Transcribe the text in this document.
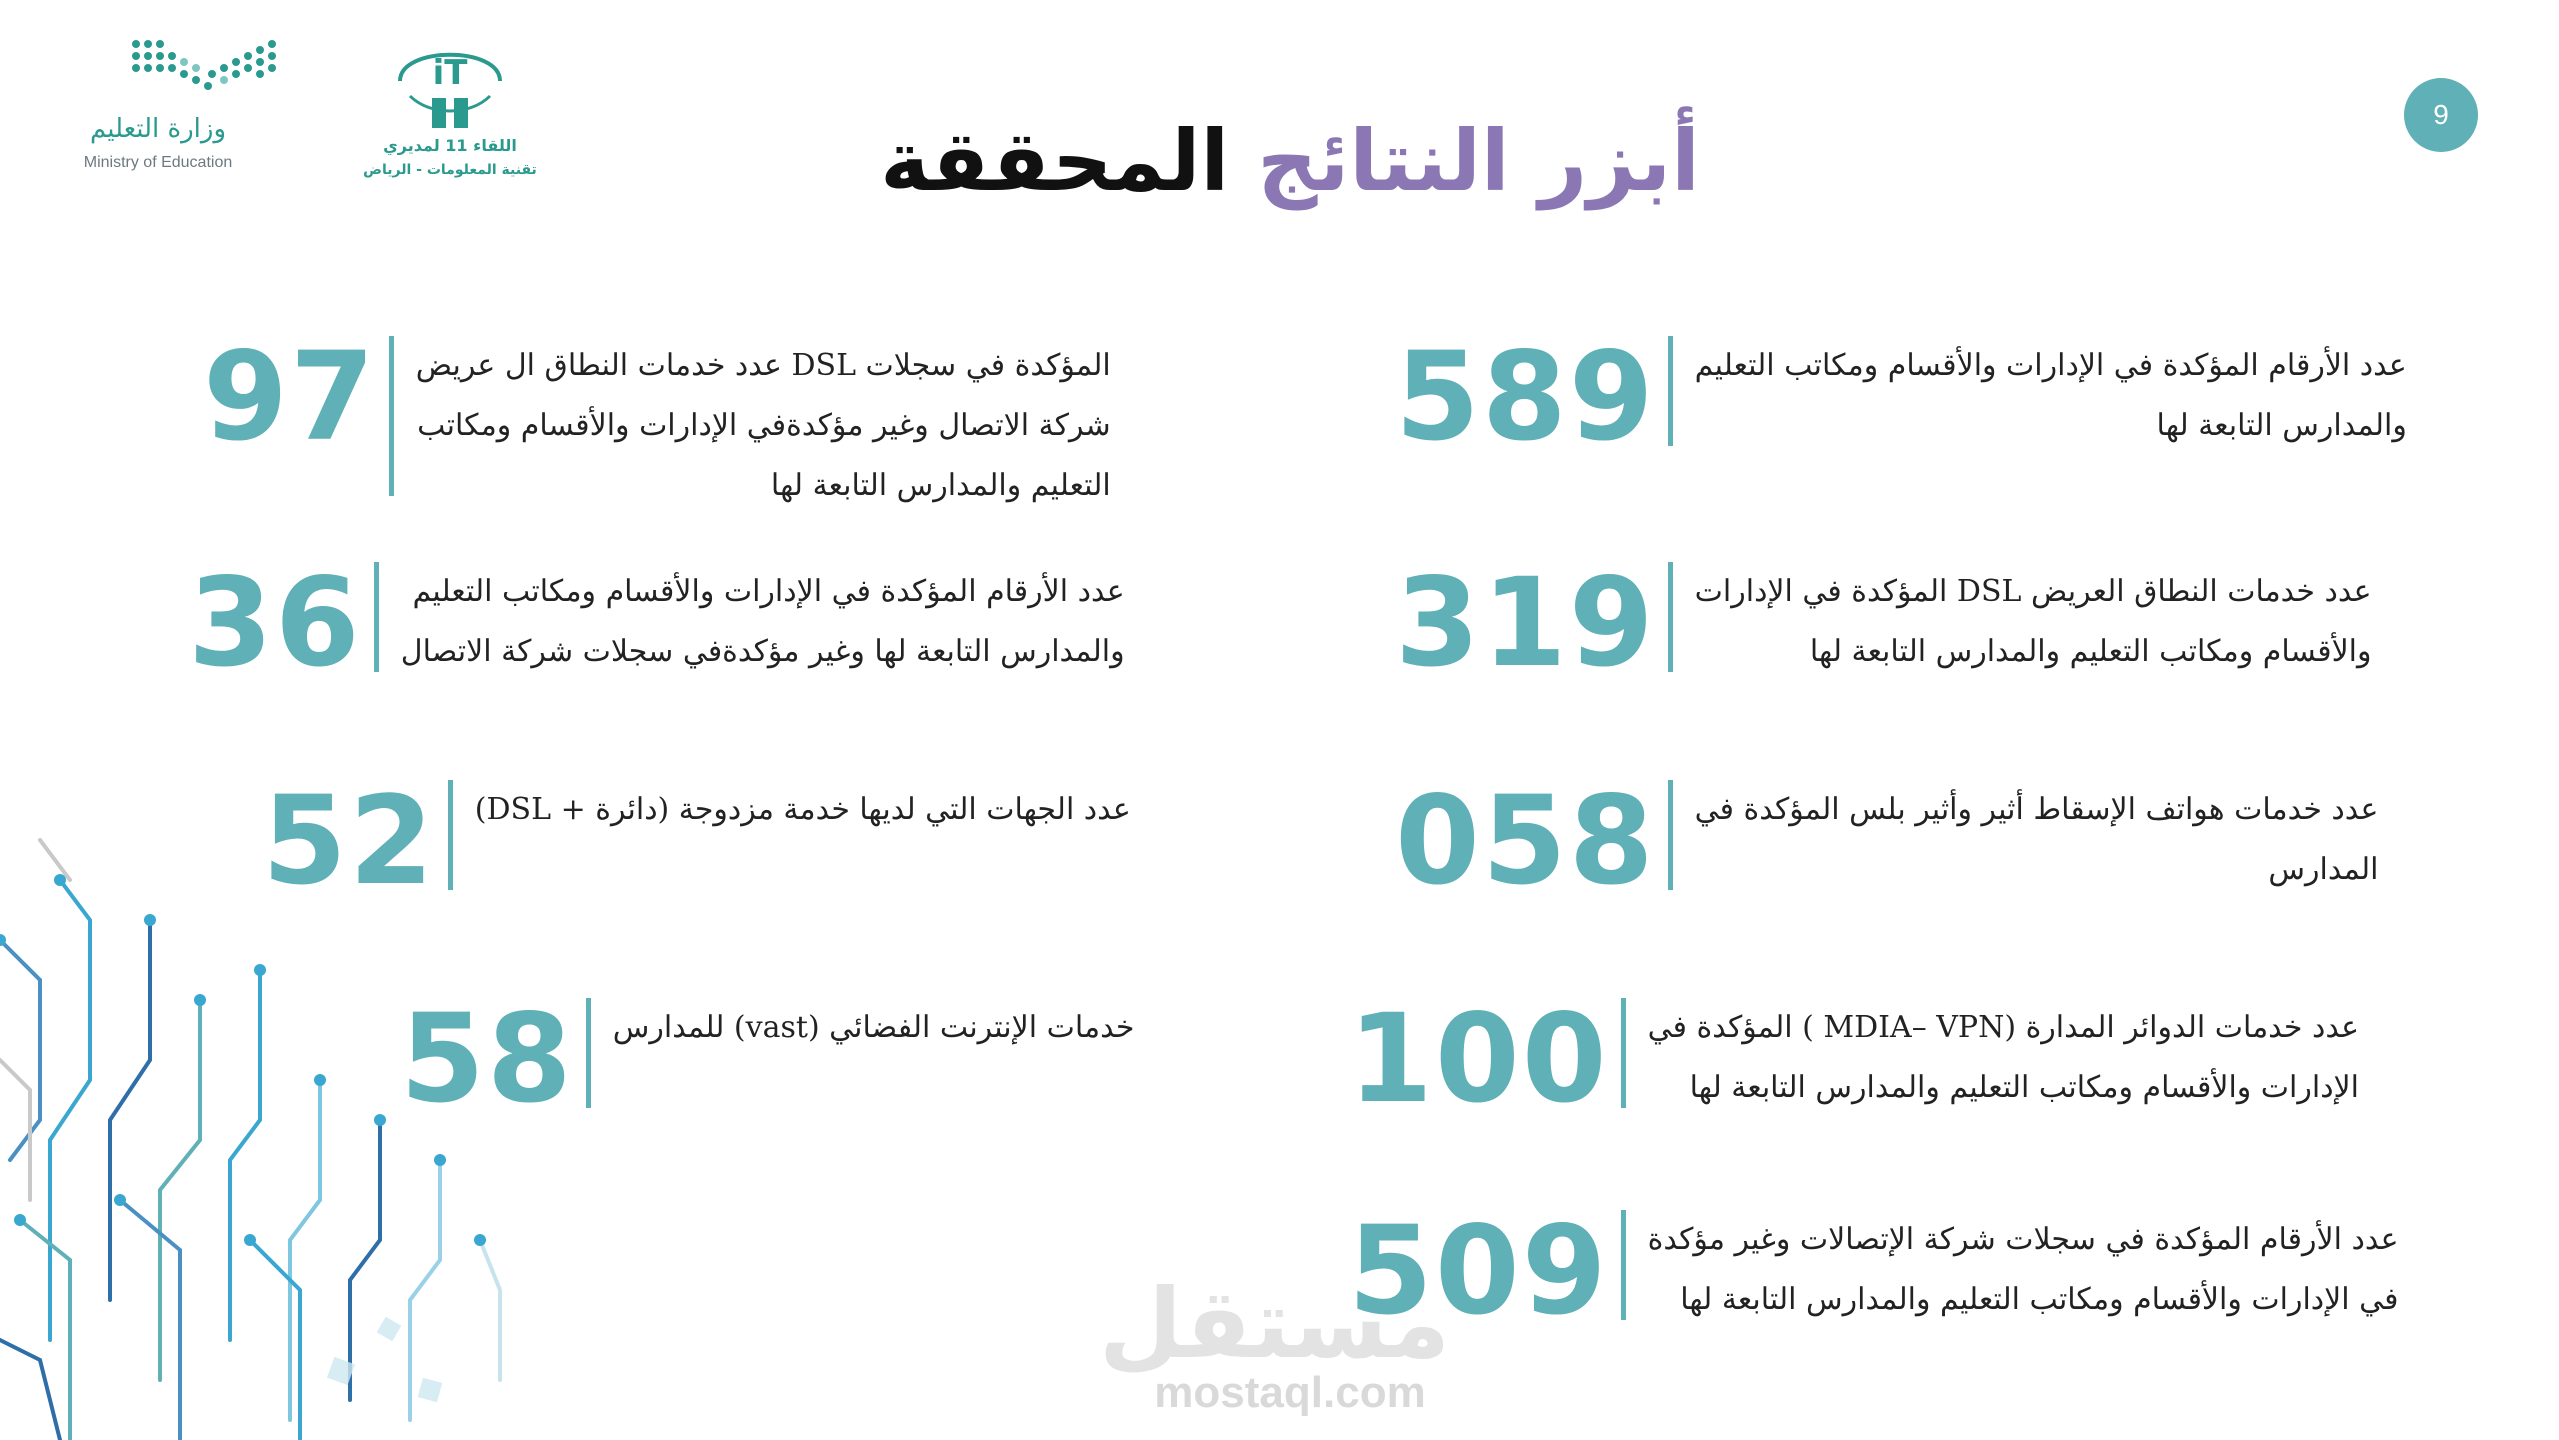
وزارة التعليم
Ministry of Education
iT
اللقاء 11 لمديري
تقنية المعلومات - الرياض	أبزر النتائج
المحققة	9
589 عدد الأرقام المؤكدة في الإدارات والأقسام ومكاتب التعليم
والمدارس التابعة لها
319 عدد خدمات النطاق العريض DSL المؤكدة في الإدارات
والأقسام ومكاتب التعليم والمدارس التابعة لها
058 عدد خدمات هواتف الإسقاط أثير وأثير بلس المؤكدة في
المدارس
100 عدد خدمات الدوائر المدارة (MDIA– VPN ) المؤكدة في
الإدارات والأقسام ومكاتب التعليم والمدارس التابعة لها
509 عدد الأرقام المؤكدة في سجلات شركة الإتصالات وغير مؤكدة
في الإدارات والأقسام ومكاتب التعليم والمدارس التابعة لها
97 المؤكدة في سجلات DSL عدد خدمات النطاق ال عريض
شركة الاتصال وغير مؤكدةفي الإدارات والأقسام ومكاتب
التعليم والمدارس التابعة لها
36	عدد الأرقام المؤكدة في الإدارات والأقسام ومكاتب التعليم
والمدارس التابعة لها وغير مؤكدةفي سجلات شركة الاتصال
52 عدد الجهات التي لديها خدمة مزدوجة (دائرة + DSL)
58 خدمات الإنترنت الفضائي (vast) للمدارس
مستقل
mostaql.com
